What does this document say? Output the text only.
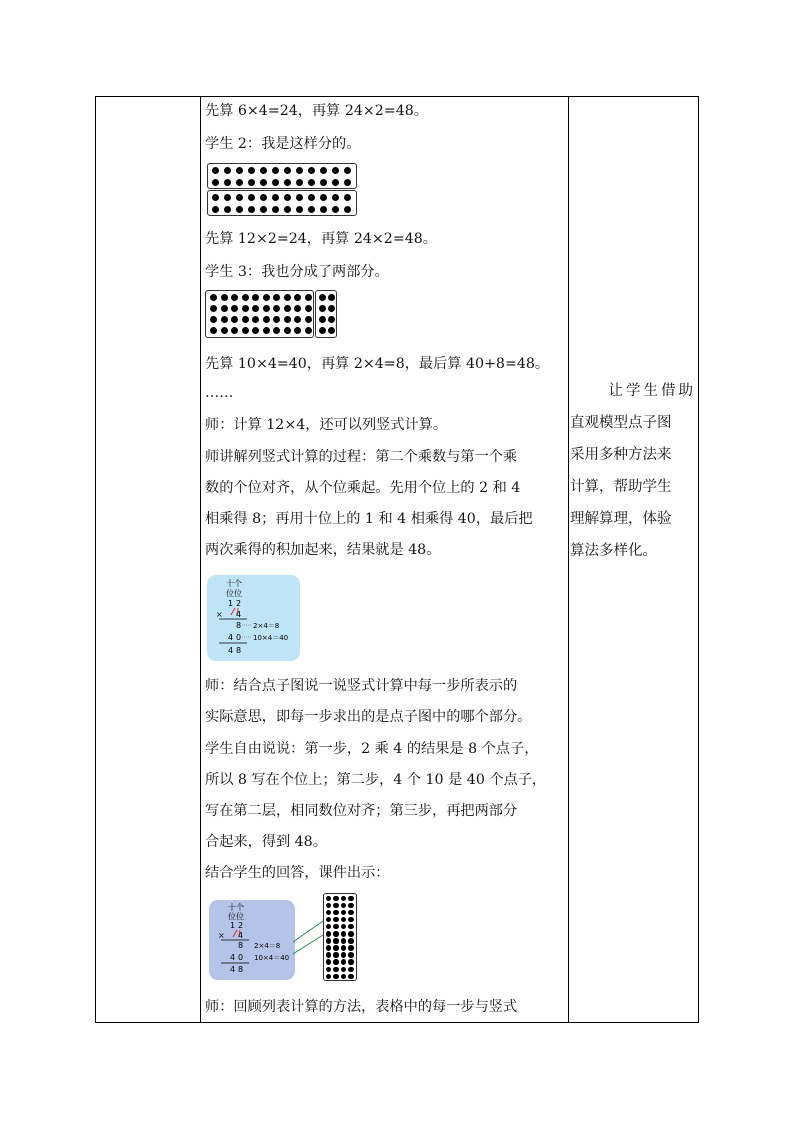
先算 6×4=24，再算 24×2=48。
学生 2：我是这样分的。
先算 12×2=24，再算 24×2=48。
学生 3：我也分成了两部分。
先算 10×4=40，再算 2×4=8，最后算 40+8=48。
……
师：计算 12×4，还可以列竖式计算。
师讲解列竖式计算的过程：第二个乘数与第一个乘
数的个位对齐，从个位乘起。先用个位上的 2 和 4
相乘得 8；再用十位上的 1 和 4 相乘得 40，最后把
两次乘得的积加起来，结果就是 48。
十 个
位 位
1 2
× 4
8 2×4＝8
4 0 10×4＝40
4 8
师：结合点子图说一说竖式计算中每一步所表示的
实际意思，即每一步求出的是点子图中的哪个部分。
学生自由说说：第一步，2 乘 4 的结果是 8 个点子，
所以 8 写在个位上；第二步，4 个 10 是 40 个点子，
写在第二层，相同数位对齐；第三步，再把两部分
合起来，得到 48。
结合学生的回答，课件出示：
十 个
位 位
1 2
× 4
8 2×4＝8
4 0 10×4＝40
4 8
师：回顾列表计算的方法，表格中的每一步与竖式
让学生借助
直观模型点子图
采用多种方法来
计算，帮助学生
理解算理，体验
算法多样化。
